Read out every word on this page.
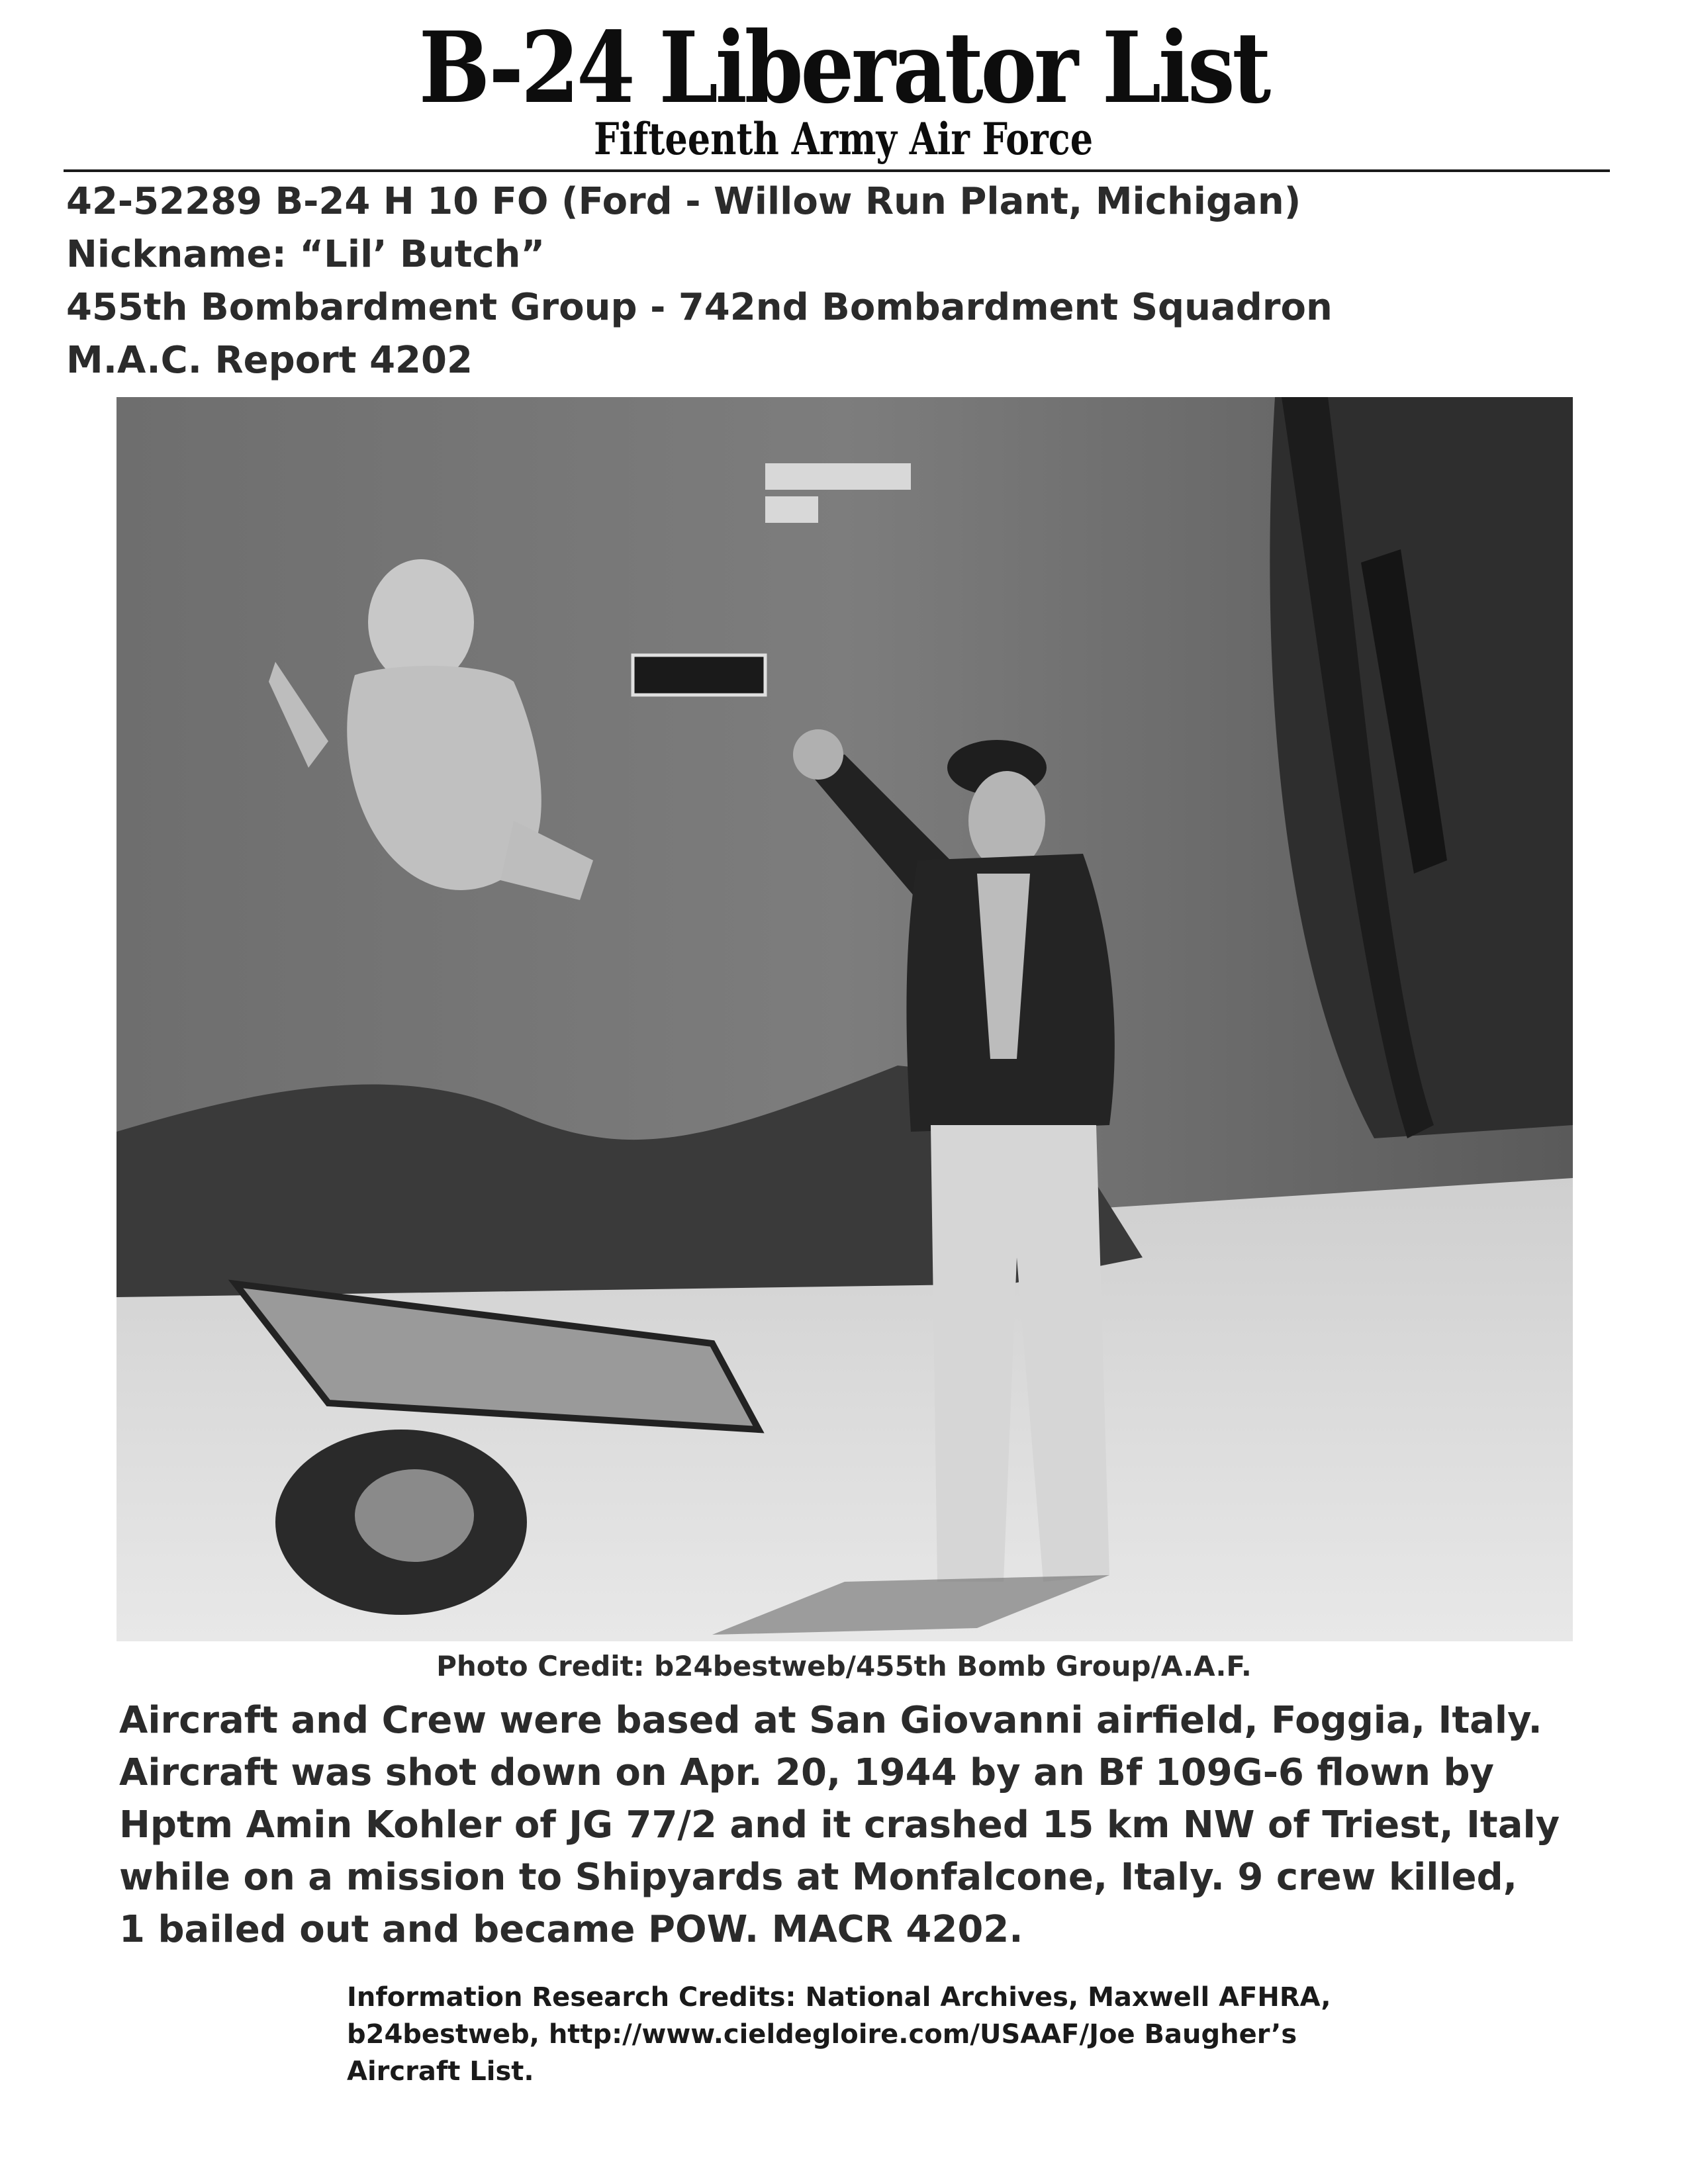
B-24 Liberator List
Fifteenth Army Air Force
42-52289 B-24 H 10 FO (Ford - Willow Run Plant, Michigan)
Nickname: “Lil’ Butch”
455th Bombardment Group - 742nd Bombardment Squadron
M.A.C. Report 4202
Photo Credit: b24bestweb/455th Bomb Group/A.A.F.
Aircraft and Crew were based at San Giovanni airfield, Foggia, Italy.
Aircraft was shot down on Apr. 20, 1944 by an Bf 109G-6 flown by
Hptm Amin Kohler of JG 77/2 and it crashed 15 km NW of Triest, Italy
while on a mission to Shipyards at Monfalcone, Italy. 9 crew killed,
1 bailed out and became POW. MACR 4202.
Information Research Credits: National Archives, Maxwell AFHRA,
b24bestweb, http://www.cieldegloire.com/USAAF/Joe Baugher’s
Aircraft List.
